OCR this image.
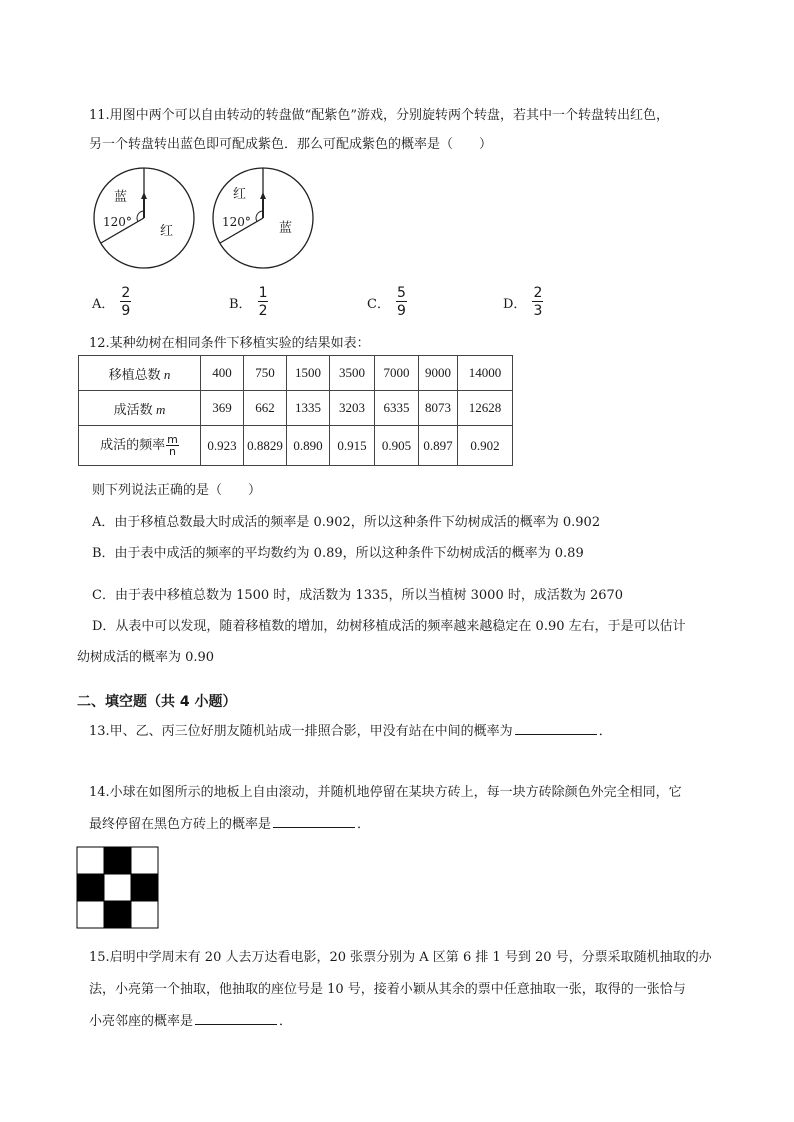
11.用图中两个可以自由转动的转盘做“配紫色”游戏，分别旋转两个转盘，若其中一个转盘转出红色，
另一个转盘转出蓝色即可配成紫色．那么可配成紫色的概率是（　　）
蓝
120°
红
红
120° 蓝
A． $\frac{2}{9}$	B． $\frac{1}{2}$	C． $\frac{5}{9}$	D． $\frac{2}{3}$
12.某种幼树在相同条件下移植实验的结果如表：
移植总数 n	400	750	1500	3500	7000	9000	14000
成活数 m	369	662	1335	3203	6335	8073	12628
成活的频率 $\frac{m}{n}$	0.923	0.8829	0.890	0.915	0.905	0.897	0.902
则下列说法正确的是（　　）
A．由于移植总数最大时成活的频率是 0.902，所以这种条件下幼树成活的概率为 0.902
B．由于表中成活的频率的平均数约为 0.89，所以这种条件下幼树成活的概率为 0.89
C．由于表中移植总数为 1500 时，成活数为 1335，所以当植树 3000 时，成活数为 2670
D．从表中可以发现，随着移植数的增加，幼树移植成活的频率越来越稳定在 0.90 左右，于是可以估计
幼树成活的概率为 0.90
二、填空题（共 4 小题）
13.甲、乙、丙三位好朋友随机站成一排照合影，甲没有站在中间的概率为	．
14.小球在如图所示的地板上自由滚动，并随机地停留在某块方砖上，每一块方砖除颜色外完全相同，它
最终停留在黑色方砖上的概率是	．
15.启明中学周末有 20 人去万达看电影，20 张票分别为 A 区第 6 排 1 号到 20 号，分票采取随机抽取的办
法，小亮第一个抽取，他抽取的座位号是 10 号，接着小颖从其余的票中任意抽取一张，取得的一张恰与
小亮邻座的概率是	．
